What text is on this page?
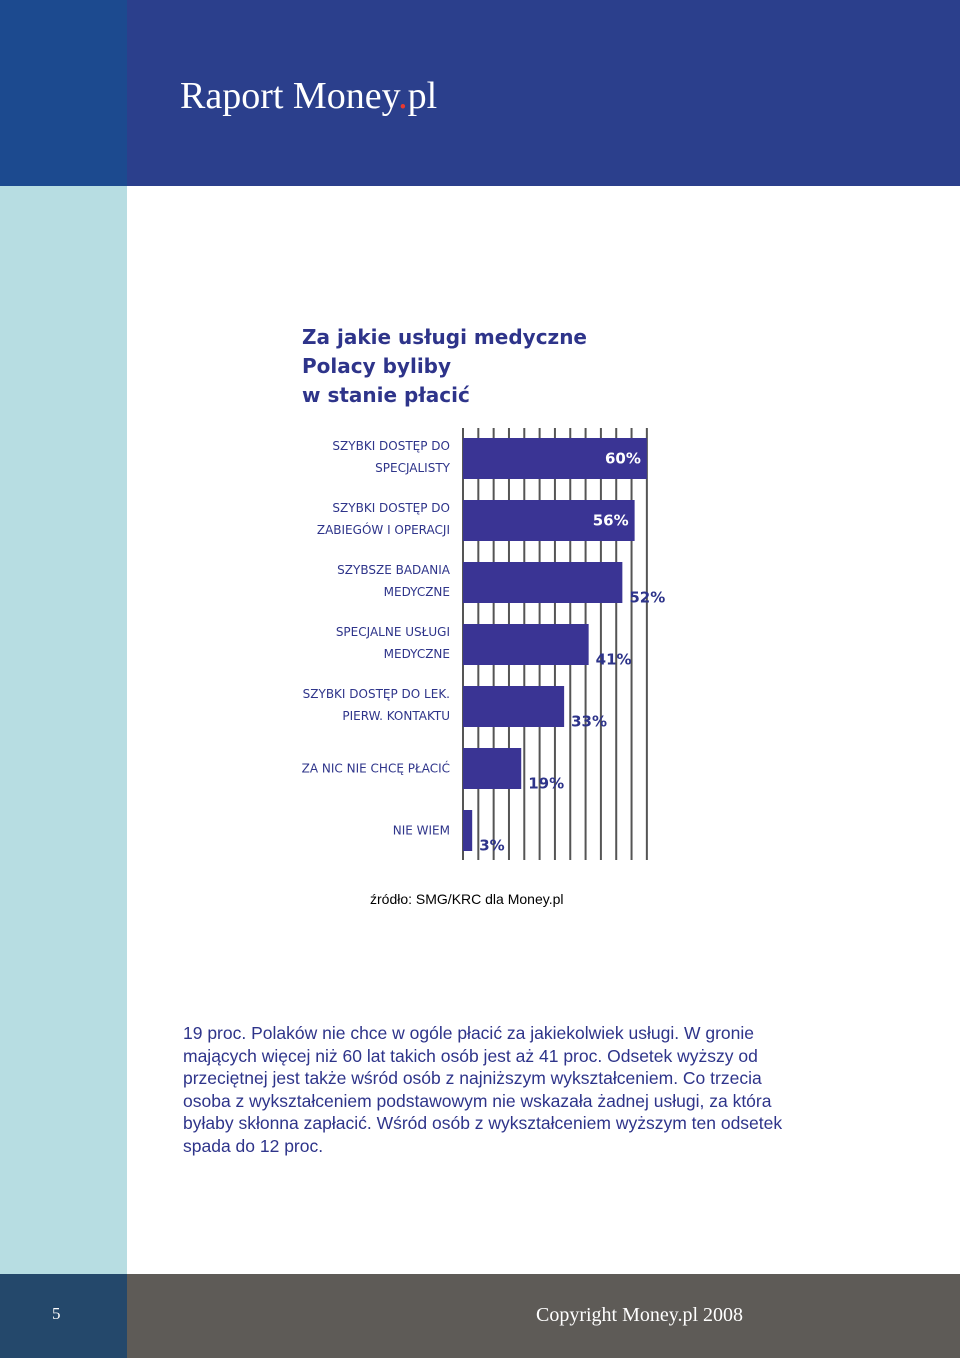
Raport Money.pl
Za jakie usługi medyczne
Polacy byliby
w stanie płacić
SZYBKI DOSTĘP DO
SPECJALISTY
60%
SZYBKI DOSTĘP DO
ZABIEGÓW I OPERACJI
56%
SZYBSZE BADANIA
MEDYCZNE	52%
SPECJALNE USŁUGI
MEDYCZNE	41%
SZYBKI DOSTĘP DO LEK.
PIERW. KONTAKTU	33%
ZA NIC NIE CHCĘ PŁACIĆ
19%
NIE WIEM
3%
źródło: SMG/KRC dla Money.pl
19 proc. Polaków nie chce w ogóle płacić za jakiekolwiek usługi. W gronie mających więcej niż 60 lat takich osób jest aż 41 proc. Odsetek wyższy od przeciętnej jest także wśród osób z najniższym wykształceniem. Co trzecia osoba z wykształceniem podstawowym nie wskazała żadnej usługi, za która byłaby skłonna zapłacić. Wśród osób z wykształceniem wyższym ten odsetek spada do 12 proc.
5	Copyright Money.pl 2008
